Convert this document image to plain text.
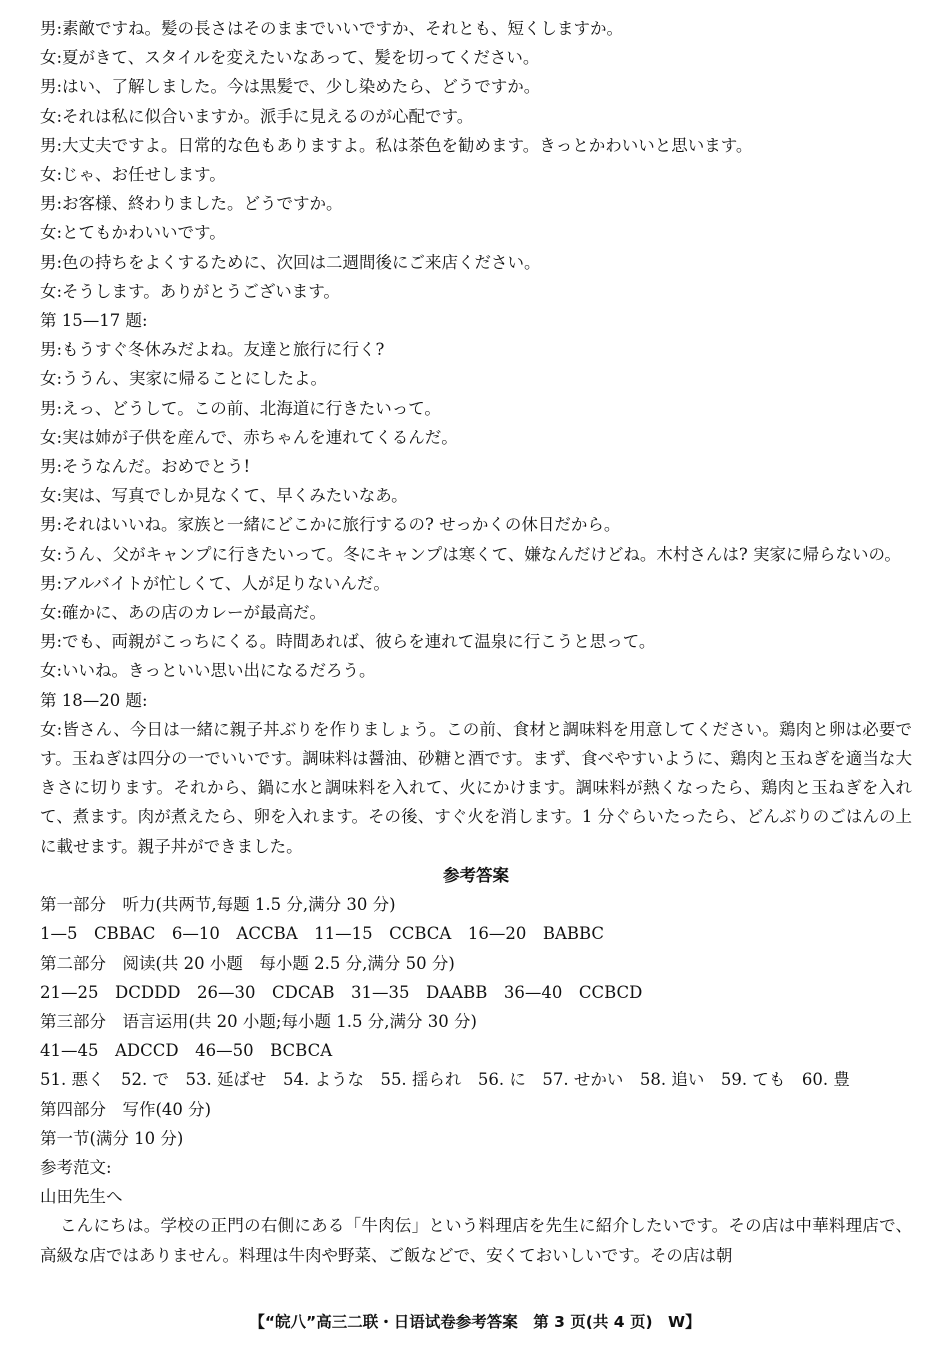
男:素敵ですね。髪の長さはそのままでいいですか、それとも、短くしますか。
女:夏がきて、スタイルを変えたいなあって、髪を切ってください。
男:はい、了解しました。今は黒髪で、少し染めたら、どうですか。
女:それは私に似合いますか。派手に見えるのが心配です。
男:大丈夫ですよ。日常的な色もありますよ。私は茶色を勧めます。きっとかわいいと思います。
女:じゃ、お任せします。
男:お客様、終わりました。どうですか。
女:とてもかわいいです。
男:色の持ちをよくするために、次回は二週間後にご来店ください。
女:そうします。ありがとうございます。
第 15—17 题:
男:もうすぐ冬休みだよね。友達と旅行に行く?
女:ううん、実家に帰ることにしたよ。
男:えっ、どうして。この前、北海道に行きたいって。
女:実は姉が子供を産んで、赤ちゃんを連れてくるんだ。
男:そうなんだ。おめでとう!
女:実は、写真でしか見なくて、早くみたいなあ。
男:それはいいね。家族と一緒にどこかに旅行するの? せっかくの休日だから。
女:うん、父がキャンプに行きたいって。冬にキャンプは寒くて、嫌なんだけどね。木村さんは? 実家に帰らないの。
男:アルバイトが忙しくて、人が足りないんだ。
女:確かに、あの店のカレーが最高だ。
男:でも、両親がこっちにくる。時間あれば、彼らを連れて温泉に行こうと思って。
女:いいね。きっといい思い出になるだろう。
第 18—20 题:
女:皆さん、今日は一緒に親子丼ぶりを作りましょう。この前、食材と調味料を用意してください。鶏肉と卵は必要です。玉ねぎは四分の一でいいです。調味料は醤油、砂糖と酒です。まず、食べやすいように、鶏肉と玉ねぎを適当な大きさに切ります。それから、鍋に水と調味料を入れて、火にかけます。調味料が熱くなったら、鶏肉と玉ねぎを入れて、煮ます。肉が煮えたら、卵を入れます。その後、すぐ火を消します。1 分ぐらいたったら、どんぶりのごはんの上に載せます。親子丼ができました。
参考答案
第一部分　听力(共两节,每题 1.5 分,满分 30 分)
1—5　CBBAC　6—10　ACCBA　11—15　CCBCA　16—20　BABBC
第二部分　阅读(共 20 小题　每小题 2.5 分,满分 50 分)
21—25　DCDDD　26—30　CDCAB　31—35　DAABB　36—40　CCBCD
第三部分　语言运用(共 20 小题;每小题 1.5 分,满分 30 分)
41—45　ADCCD　46—50　BCBCA
51. 悪く　52. で　53. 延ばせ　54. ような　55. 揺られ　56. に　57. せかい　58. 追い　59. ても　60. 豊
第四部分　写作(40 分)
第一节(满分 10 分)
参考范文:
山田先生へ
こんにちは。学校の正門の右側にある「牛肉伝」という料理店を先生に紹介したいです。その店は中華料理店で、高級な店ではありません。料理は牛肉や野菜、ご飯などで、安くておいしいです。その店は朝
【“皖八”高三二联・日语试卷参考答案　第 3 页(共 4 页)　W】
